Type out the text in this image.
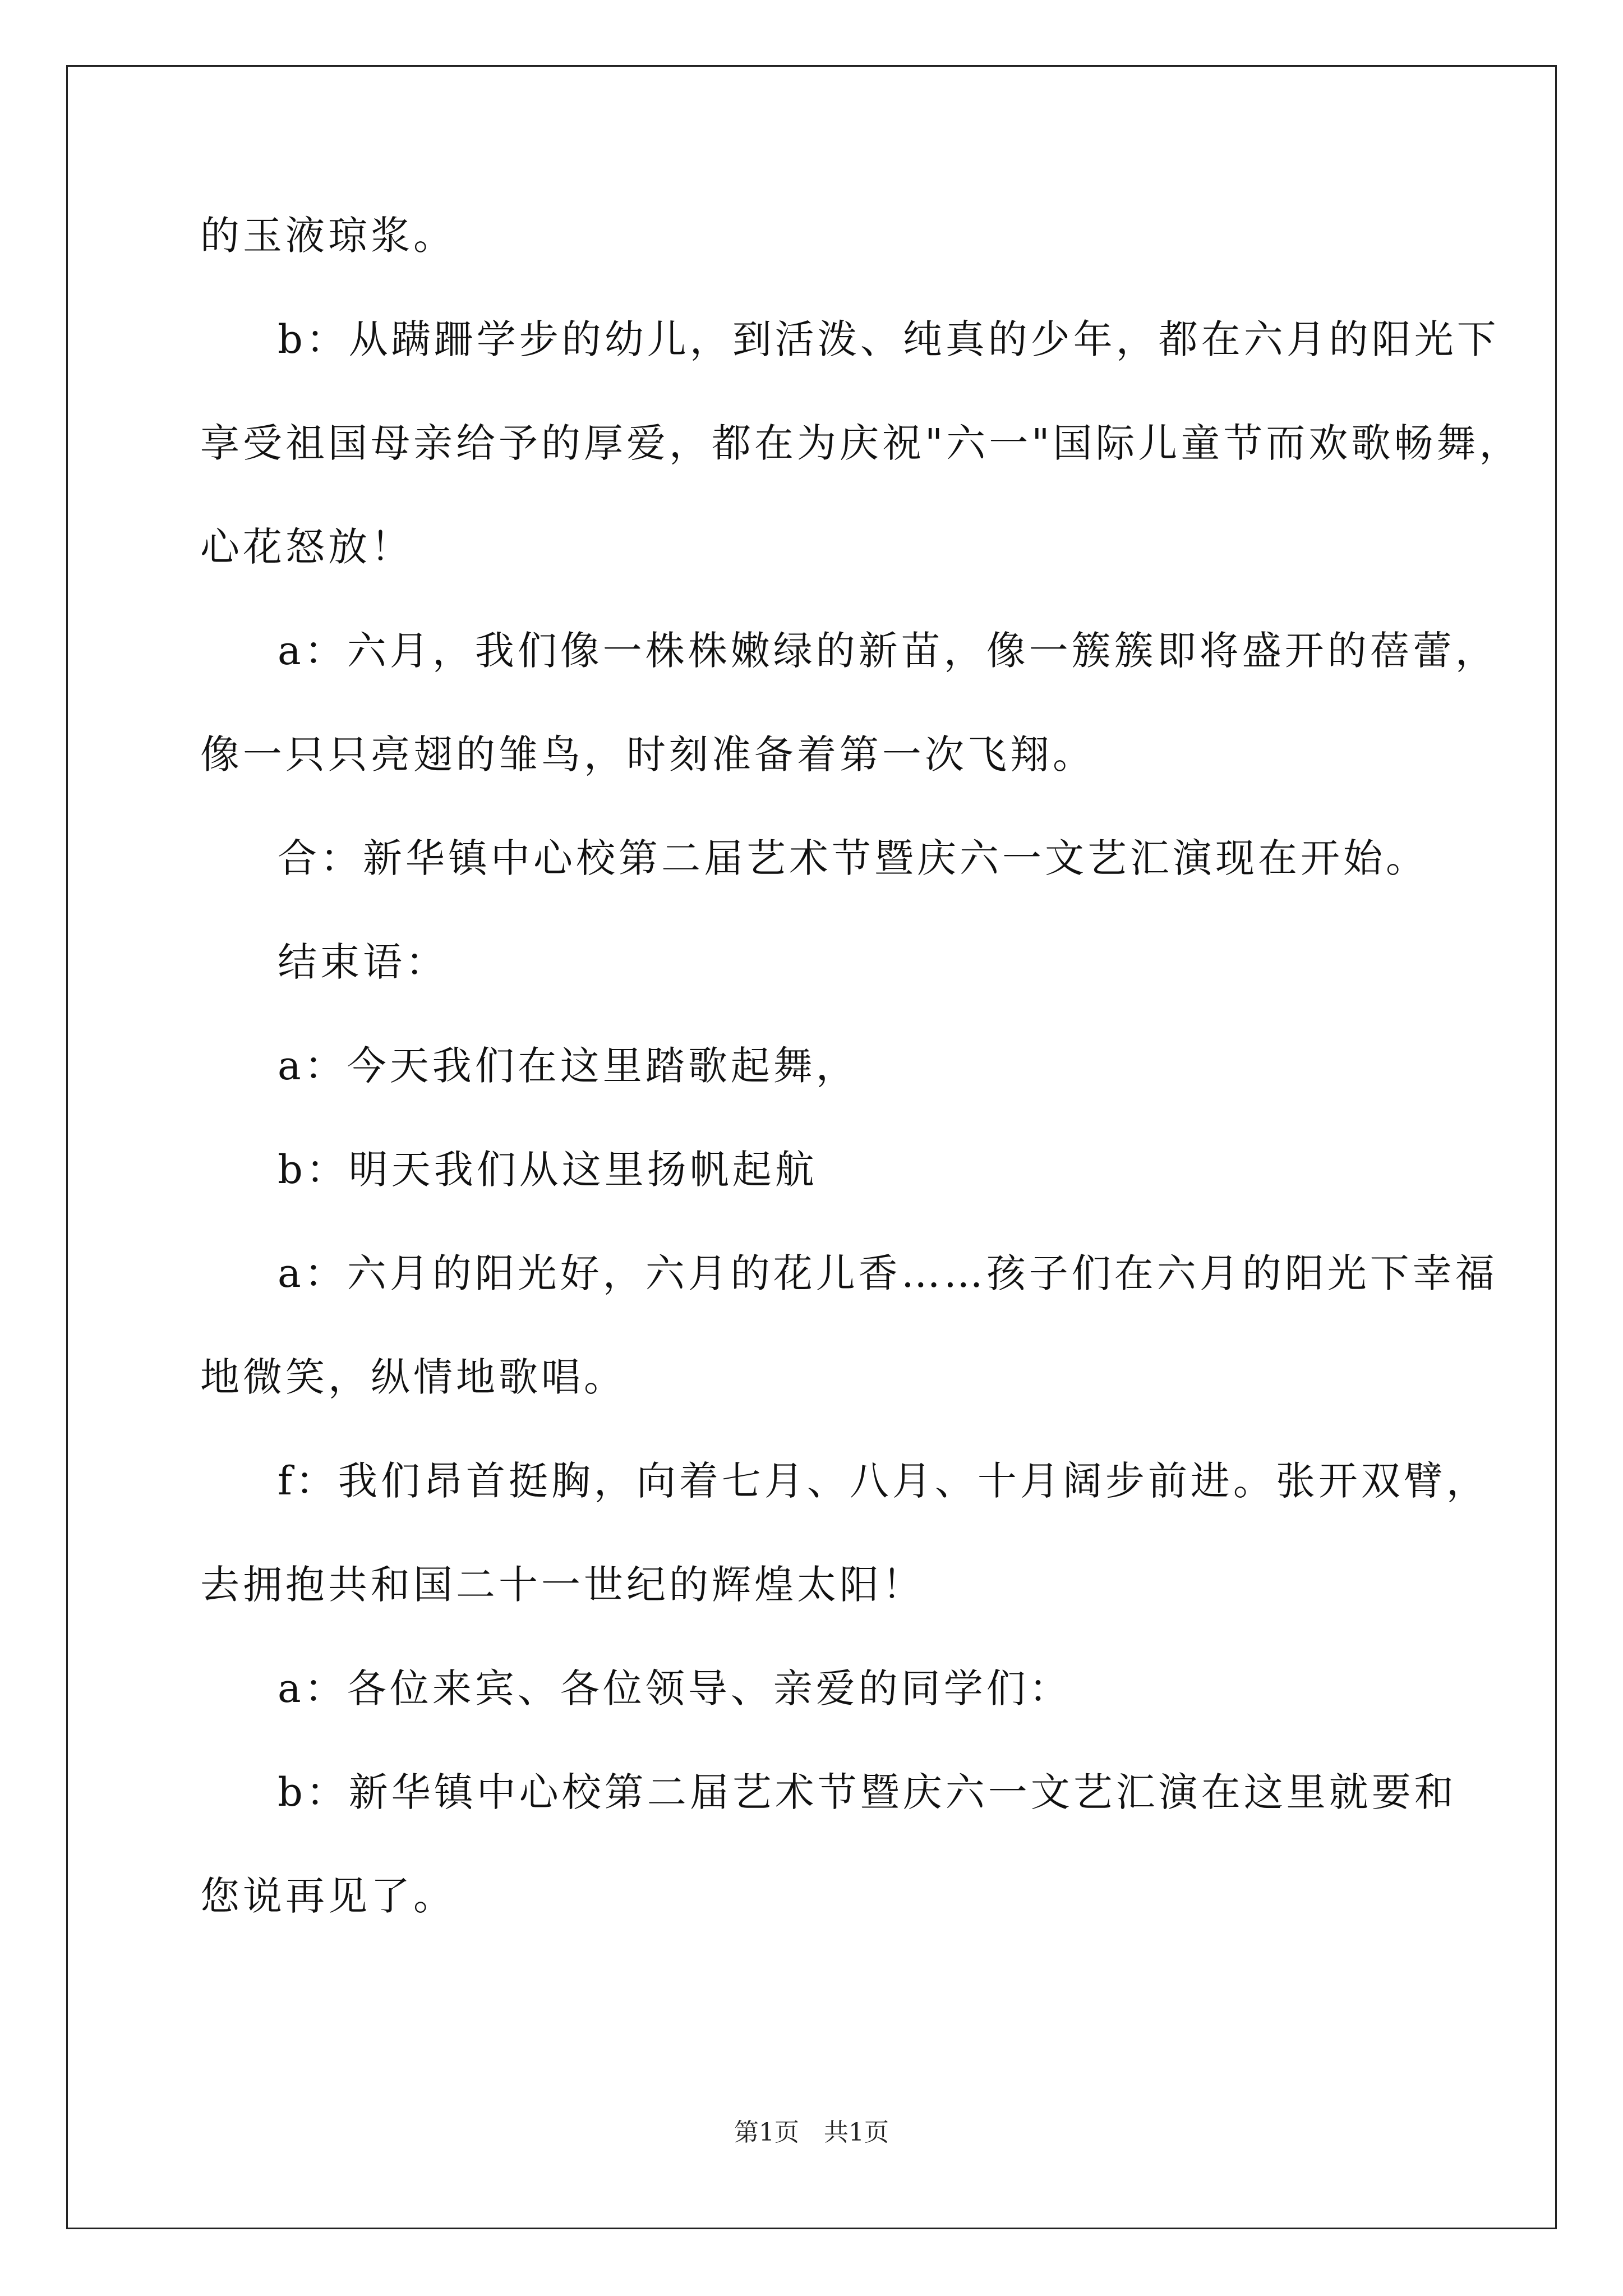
的玉液琼浆。
b：从蹒跚学步的幼儿，到活泼、纯真的少年，都在六月的阳光下
享受祖国母亲给予的厚爱，都在为庆祝"六一"国际儿童节而欢歌畅舞，
心花怒放！
a：六月，我们像一株株嫩绿的新苗，像一簇簇即将盛开的蓓蕾，
像一只只亮翅的雏鸟，时刻准备着第一次飞翔。
合：新华镇中心校第二届艺术节暨庆六一文艺汇演现在开始。
结束语：
a：今天我们在这里踏歌起舞，
b：明天我们从这里扬帆起航
a：六月的阳光好，六月的花儿香……孩子们在六月的阳光下幸福
地微笑，纵情地歌唱。
f：我们昂首挺胸，向着七月、八月、十月阔步前进。张开双臂，
去拥抱共和国二十一世纪的辉煌太阳！
a：各位来宾、各位领导、亲爱的同学们：
b：新华镇中心校第二届艺术节暨庆六一文艺汇演在这里就要和
您说再见了。
第1页　共1页
